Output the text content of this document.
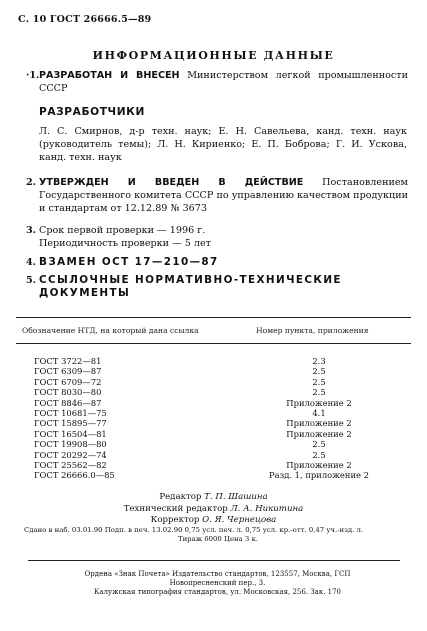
С. 10 ГОСТ 26666.5—89
ИНФОРМАЦИОННЫЕ ДАННЫЕ
·1. РАЗРАБОТАН И ВНЕСЕН Министерством легкой промышленности СССР
РАЗРАБОТЧИКИ
Л. С. Смирнов, д-р техн. наук; Е. Н. Савельева, канд. техн. наук (руководитель темы); Л. Н. Кириенко; Е. П. Боброва; Г. И. Ускова, канд. техн. наук
2. УТВЕРЖДЕН И ВВЕДЕН В ДЕЙСТВИЕ Постановлением Государственного комитета СССР по управлению качеством продукции и стандартам от 12.12.89 № 3673
3. Срок первой проверки — 1996 г.
Периодичность проверки — 5 лет
4. ВЗАМЕН ОСТ 17—210—87
5. ССЫЛОЧНЫЕ НОРМАТИВНО-ТЕХНИЧЕСКИЕ ДОКУМЕНТЫ
Обозначение НТД, на который дана ссылка	Номер пункта, приложения
ГОСТ 3722—81	2.3
ГОСТ 6309—87	2.5
ГОСТ 6709—72	2.5
ГОСТ 8030—80	2.5
ГОСТ 8846—87	Приложение 2
ГОСТ 10681—75	4.1
ГОСТ 15895—77	Приложение 2
ГОСТ 16504—81	Приложение 2
ГОСТ 19908—80	2.5
ГОСТ 20292—74	2.5
ГОСТ 25562—82	Приложение 2
ГОСТ 26666.0—85	Разд. 1, приложение 2
Редактор Т. П. Шашина
Технический редактор Л. А. Никитина
Корректор О. Я. Чернецова
Сдано в наб. 03.01.90 Подп. в печ. 13.02.90 0,75 усл. печ. л. 0,75 усл. кр.-отт. 0,47 уч.-изд. л.
Тираж 6000 Цена 3 к.
Ордена «Знак Почета» Издательство стандартов, 123557, Москва, ГСП
Новопресненский пер., 3.
Калужская типография стандартов, ул. Московская, 256. Зак. 170
